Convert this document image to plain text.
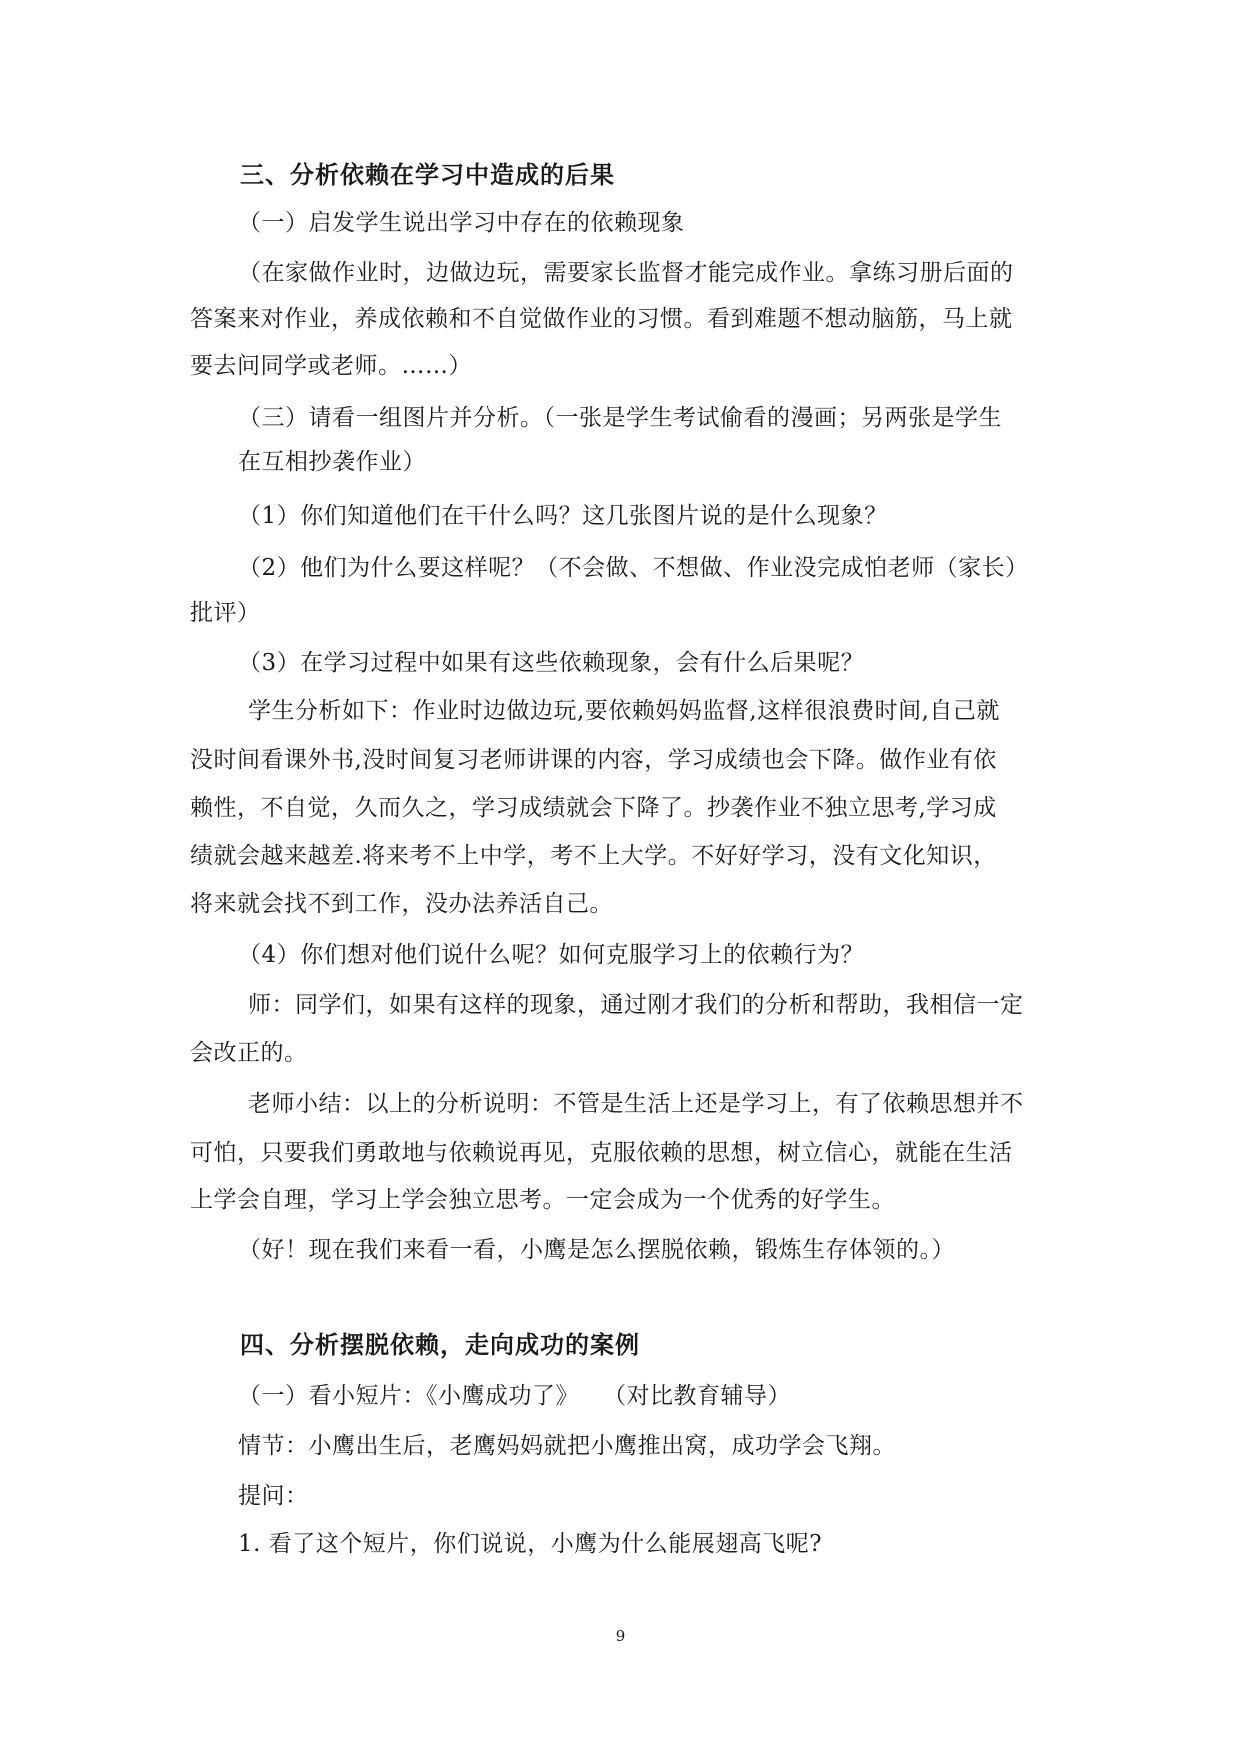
三、分析依赖在学习中造成的后果
（一）启发学生说出学习中存在的依赖现象
（在家做作业时，边做边玩，需要家长监督才能完成作业。拿练习册后面的
答案来对作业，养成依赖和不自觉做作业的习惯。看到难题不想动脑筋，马上就
要去问同学或老师。……）
（三）请看一组图片并分析。（一张是学生考试偷看的漫画；另两张是学生
在互相抄袭作业）
（1）你们知道他们在干什么吗？这几张图片说的是什么现象？
（2）他们为什么要这样呢？（不会做、不想做、作业没完成怕老师（家长）
批评）
（3）在学习过程中如果有这些依赖现象，会有什么后果呢？
学生分析如下：作业时边做边玩,要依赖妈妈监督,这样很浪费时间,自己就
没时间看课外书,没时间复习老师讲课的内容，学习成绩也会下降。做作业有依
赖性，不自觉，久而久之，学习成绩就会下降了。抄袭作业不独立思考,学习成
绩就会越来越差.将来考不上中学，考不上大学。不好好学习，没有文化知识，
将来就会找不到工作，没办法养活自己。
（4）你们想对他们说什么呢？如何克服学习上的依赖行为？
师：同学们，如果有这样的现象，通过刚才我们的分析和帮助，我相信一定
会改正的。
老师小结：以上的分析说明：不管是生活上还是学习上，有了依赖思想并不
可怕，只要我们勇敢地与依赖说再见，克服依赖的思想，树立信心，就能在生活
上学会自理，学习上学会独立思考。一定会成为一个优秀的好学生。
（好！现在我们来看一看，小鹰是怎么摆脱依赖，锻炼生存体领的。）
四、分析摆脱依赖，走向成功的案例
（一）看小短片：《小鹰成功了》　　（对比教育辅导）
情节：小鹰出生后，老鹰妈妈就把小鹰推出窝，成功学会飞翔。
提问：
1. 看了这个短片，你们说说，小鹰为什么能展翅高飞呢?
9
